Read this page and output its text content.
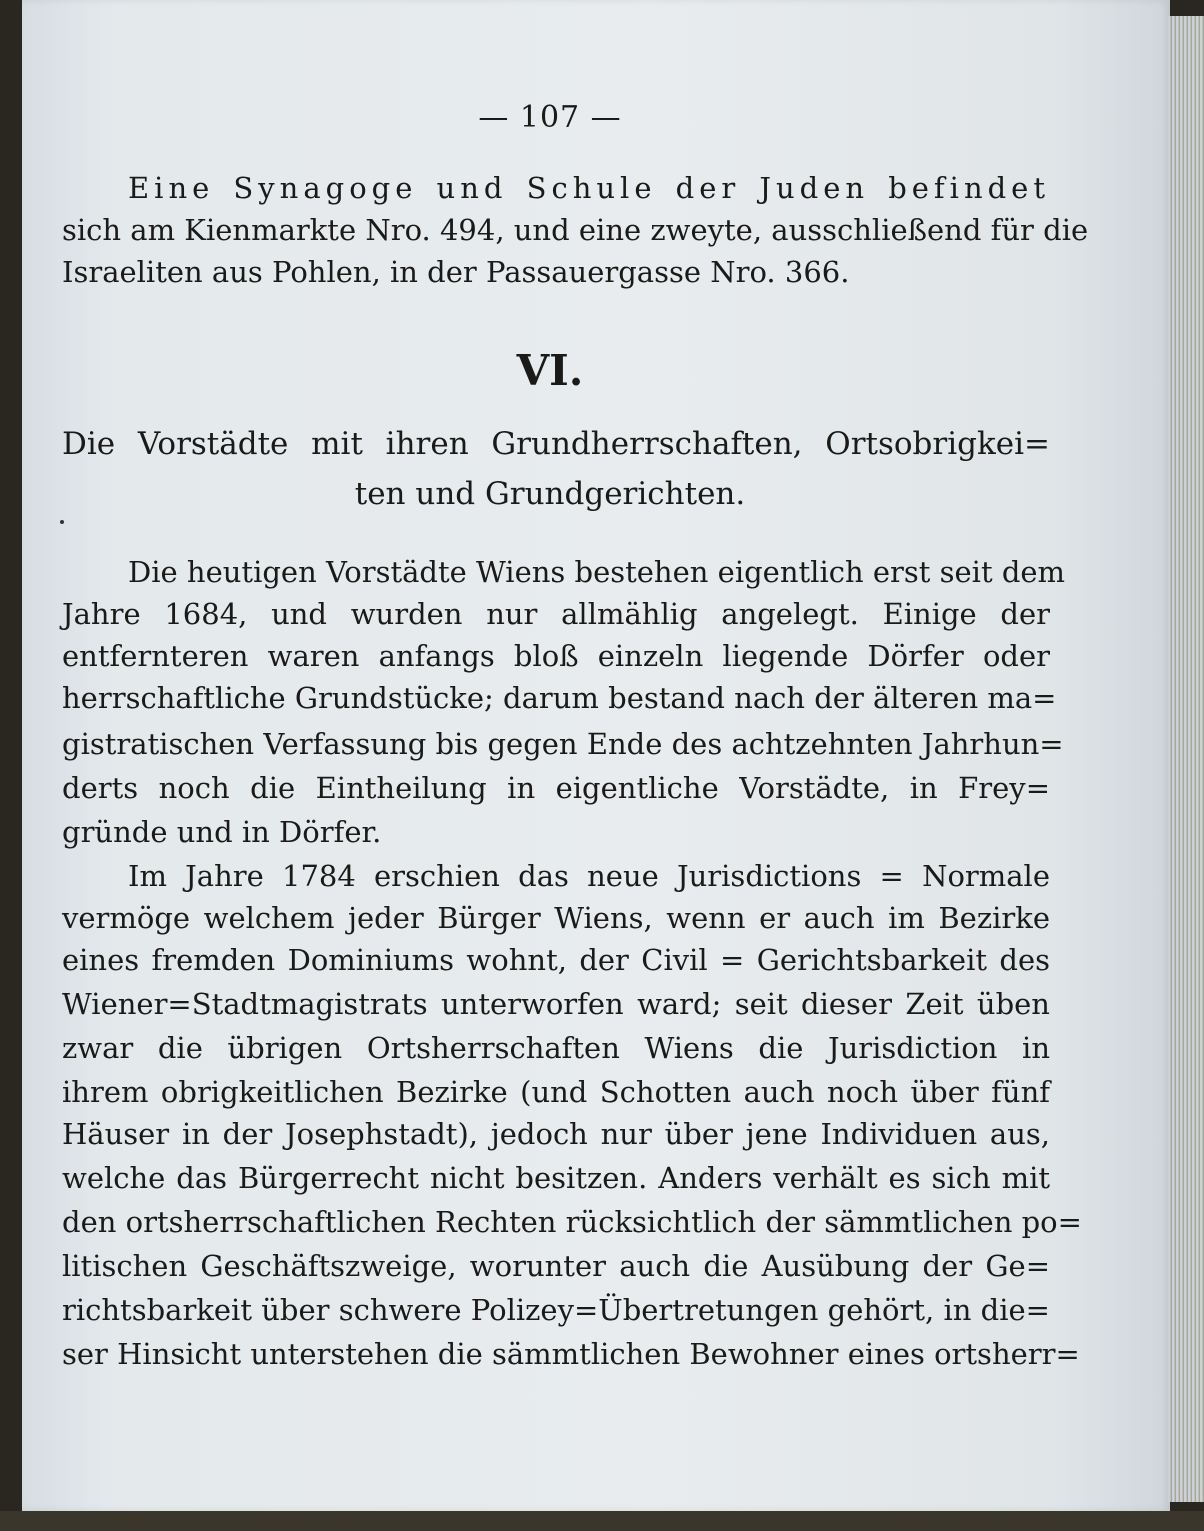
— 107 —
Eine Synagoge und Schule der Juden befindet
sich am Kienmarkte Nro. 494, und eine zweyte, ausschließend für die
Israeliten aus Pohlen, in der Passauergasse Nro. 366.
VI.
Die Vorstädte mit ihren Grundherrschaften, Ortsobrigkei=
ten und Grundgerichten.
Die heutigen Vorstädte Wiens bestehen eigentlich erst seit dem
Jahre 1684, und wurden nur allmählig angelegt. Einige der
entfernteren waren anfangs bloß einzeln liegende Dörfer oder
herrschaftliche Grundstücke; darum bestand nach der älteren ma=
gistratischen Verfassung bis gegen Ende des achtzehnten Jahrhun=
derts noch die Eintheilung in eigentliche Vorstädte, in Frey=
gründe und in Dörfer.
Im Jahre 1784 erschien das neue Jurisdictions = Normale
vermöge welchem jeder Bürger Wiens, wenn er auch im Bezirke
eines fremden Dominiums wohnt, der Civil = Gerichtsbarkeit des
Wiener=Stadtmagistrats unterworfen ward; seit dieser Zeit üben
zwar die übrigen Ortsherrschaften Wiens die Jurisdiction in
ihrem obrigkeitlichen Bezirke (und Schotten auch noch über fünf
Häuser in der Josephstadt), jedoch nur über jene Individuen aus,
welche das Bürgerrecht nicht besitzen. Anders verhält es sich mit
den ortsherrschaftlichen Rechten rücksichtlich der sämmtlichen po=
litischen Geschäftszweige, worunter auch die Ausübung der Ge=
richtsbarkeit über schwere Polizey=Übertretungen gehört, in die=
ser Hinsicht unterstehen die sämmtlichen Bewohner eines ortsherr=
